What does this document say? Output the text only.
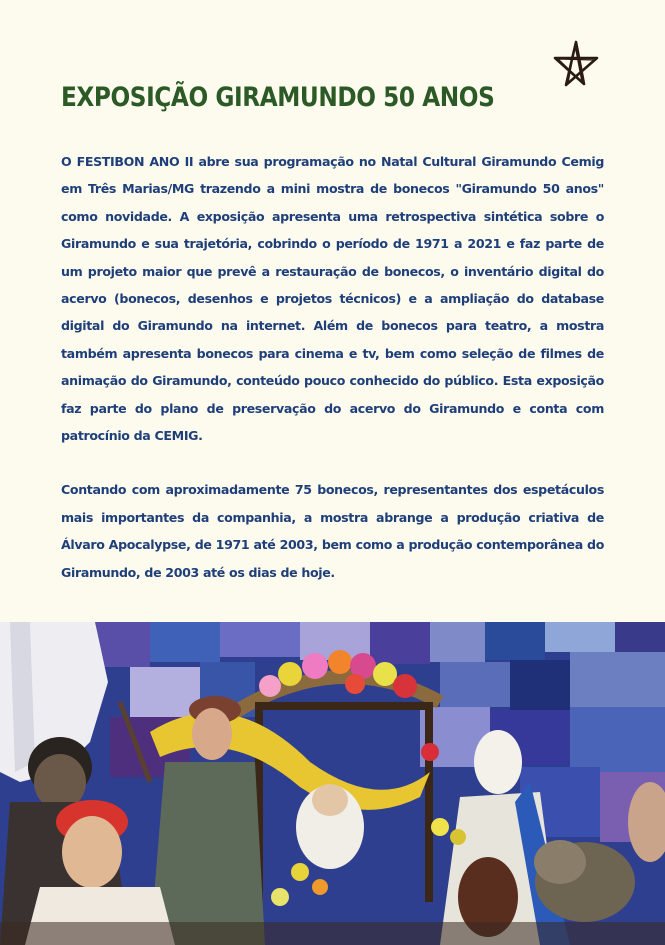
EXPOSIÇÃO GIRAMUNDO 50 ANOS

O FESTIBON ANO II abre sua programação no Natal Cultural Giramundo Cemig em Três Marias/MG trazendo a mini mostra de bonecos "Giramundo 50 anos" como novidade. A exposição apresenta uma retrospectiva sintética sobre o Giramundo e sua trajetória, cobrindo o período de 1971 a 2021 e faz parte de um projeto maior que prevê a restauração de bonecos, o inventário digital do acervo (bonecos, desenhos e projetos técnicos) e a ampliação do database digital do Giramundo na internet. Além de bonecos para teatro, a mostra também apresenta bonecos para cinema e tv, bem como seleção de filmes de animação do Giramundo, conteúdo pouco conhecido do público. Esta exposição faz parte do plano de preservação do acervo do Giramundo e conta com patrocínio da CEMIG.

Contando com aproximadamente 75 bonecos, representantes dos espetáculos mais importantes da companhia, a mostra abrange a produção criativa de Álvaro Apocalypse, de 1971 até 2003, bem como a produção contemporânea do Giramundo, de 2003 até os dias de hoje.
